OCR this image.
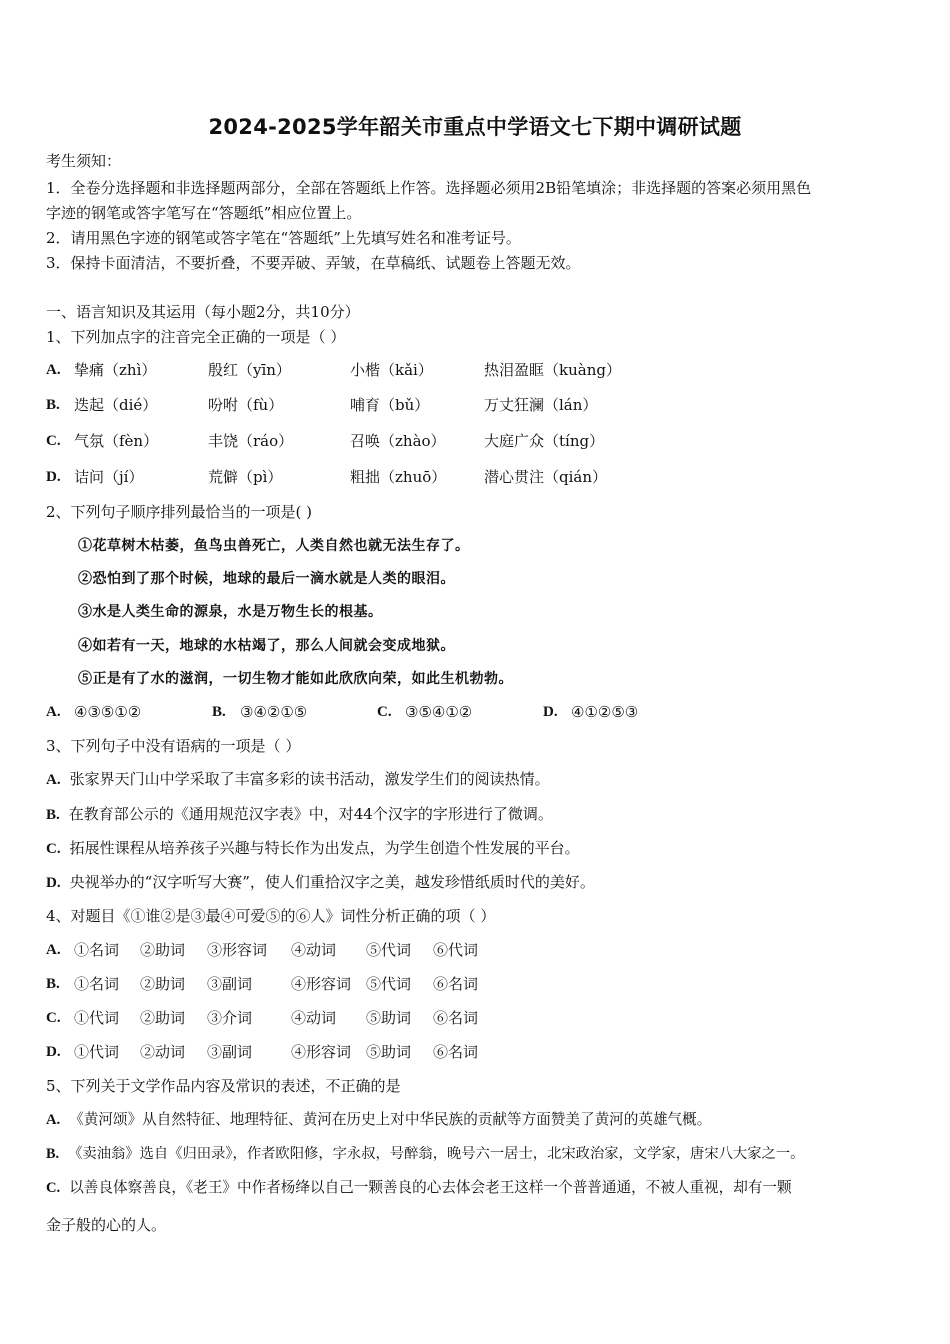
2024-2025学年韶关市重点中学语文七下期中调研试题
考生须知：
1．全卷分选择题和非选择题两部分，全部在答题纸上作答。选择题必须用2B铅笔填涂；非选择题的答案必须用黑色
字迹的钢笔或答字笔写在“答题纸”相应位置上。
2．请用黑色字迹的钢笔或答字笔在“答题纸”上先填写姓名和准考证号。
3．保持卡面清洁，不要折叠，不要弄破、弄皱，在草稿纸、试题卷上答题无效。
一、语言知识及其运用（每小题2分，共10分）
1、下列加点字的注音完全正确的一项是（ ）
A. 挚痛（zhì）	殷红（yīn）	小楷（kǎi）	热泪盈眶（kuàng）
B. 迭起（dié）	吩咐（fù）	哺育（bǔ）	万丈狂澜（lán）
C. 气氛（fèn）	丰饶（ráo）	召唤（zhào）	大庭广众（tíng）
D. 诘问（jí）	荒僻（pì）	粗拙（zhuō）	潜心贯注（qián）
2、下列句子顺序排列最恰当的一项是( )
①花草树木枯萎，鱼鸟虫兽死亡，人类自然也就无法生存了。
②恐怕到了那个时候，地球的最后一滴水就是人类的眼泪。
③水是人类生命的源泉，水是万物生长的根基。
④如若有一天，地球的水枯竭了，那么人间就会变成地狱。
⑤正是有了水的滋润，一切生物才能如此欣欣向荣，如此生机勃勃。
A. ④③⑤①②	B. ③④②①⑤	C. ③⑤④①②	D. ④①②⑤③
3、下列句子中没有语病的一项是（ ）
A. 张家界天门山中学采取了丰富多彩的读书活动，激发学生们的阅读热情。
B. 在教育部公示的《通用规范汉字表》中，对44个汉字的字形进行了微调。
C. 拓展性课程从培养孩子兴趣与特长作为出发点，为学生创造个性发展的平台。
D. 央视举办的“汉字听写大赛”，使人们重拾汉字之美，越发珍惜纸质时代的美好。
4、对题目《①谁②是③最④可爱⑤的⑥人》词性分析正确的项（ ）
A. ①名词 ②助词 ③形容词 ④动词 ⑤代词 ⑥代词
B. ①名词 ②助词 ③副词	④形容词 ⑤代词 ⑥名词
C. ①代词 ②助词 ③介词	④动词 ⑤助词 ⑥名词
D. ①代词 ②动词 ③副词	④形容词 ⑤助词 ⑥名词
5、下列关于文学作品内容及常识的表述，不正确的是
A. 《黄河颂》从自然特征、地理特征、黄河在历史上对中华民族的贡献等方面赞美了黄河的英雄气概。
B. 《卖油翁》选自《归田录》，作者欧阳修，字永叔，号醉翁，晚号六一居士，北宋政治家，文学家，唐宋八大家之一。
C. 以善良体察善良，《老王》中作者杨绛以自己一颗善良的心去体会老王这样一个普普通通，不被人重视，却有一颗
金子般的心的人。
